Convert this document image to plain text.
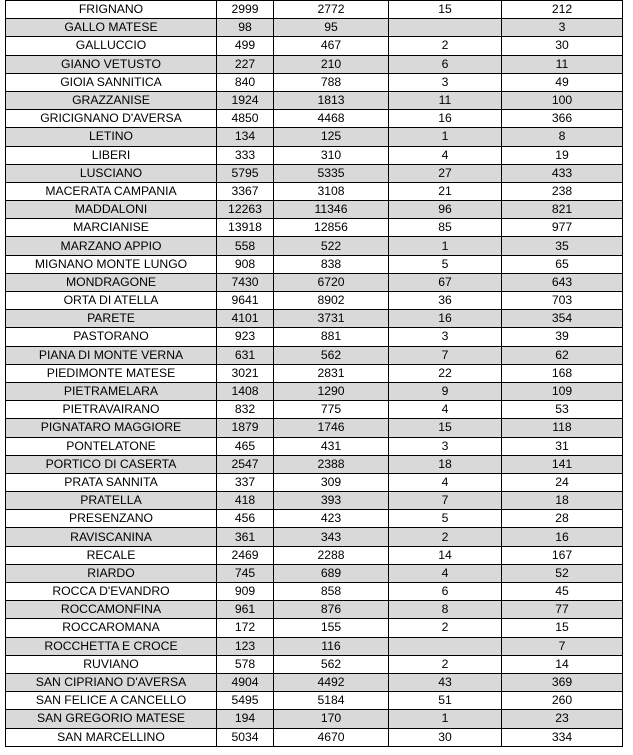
FRIGNANO	2999	2772	15	212
GALLO MATESE	98	95		3
GALLUCCIO	499	467	2	30
GIANO VETUSTO	227	210	6	11
GIOIA SANNITICA	840	788	3	49
GRAZZANISE	1924	1813	11	100
GRICIGNANO D'AVERSA	4850	4468	16	366
LETINO	134	125	1	8
LIBERI	333	310	4	19
LUSCIANO	5795	5335	27	433
MACERATA CAMPANIA	3367	3108	21	238
MADDALONI	12263	11346	96	821
MARCIANISE	13918	12856	85	977
MARZANO APPIO	558	522	1	35
MIGNANO MONTE LUNGO	908	838	5	65
MONDRAGONE	7430	6720	67	643
ORTA DI ATELLA	9641	8902	36	703
PARETE	4101	3731	16	354
PASTORANO	923	881	3	39
PIANA DI MONTE VERNA	631	562	7	62
PIEDIMONTE MATESE	3021	2831	22	168
PIETRAMELARA	1408	1290	9	109
PIETRAVAIRANO	832	775	4	53
PIGNATARO MAGGIORE	1879	1746	15	118
PONTELATONE	465	431	3	31
PORTICO DI CASERTA	2547	2388	18	141
PRATA SANNITA	337	309	4	24
PRATELLA	418	393	7	18
PRESENZANO	456	423	5	28
RAVISCANINA	361	343	2	16
RECALE	2469	2288	14	167
RIARDO	745	689	4	52
ROCCA D'EVANDRO	909	858	6	45
ROCCAMONFINA	961	876	8	77
ROCCAROMANA	172	155	2	15
ROCCHETTA E CROCE	123	116		7
RUVIANO	578	562	2	14
SAN CIPRIANO D'AVERSA	4904	4492	43	369
SAN FELICE A CANCELLO	5495	5184	51	260
SAN GREGORIO MATESE	194	170	1	23
SAN MARCELLINO	5034	4670	30	334
